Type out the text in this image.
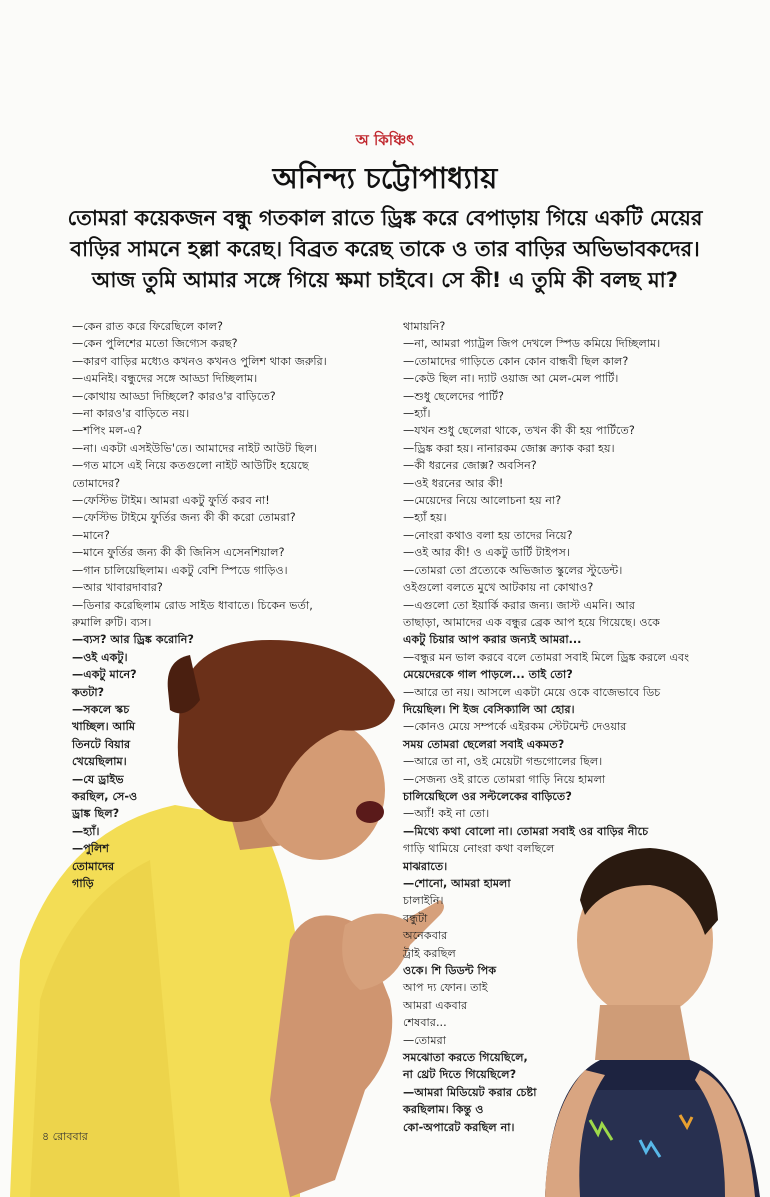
অ কিঞ্চিৎ
অনিন্দ্য চট্টোপাধ্যায়

তোমরা কয়েকজন বন্ধু গতকাল রাতে ড্রিঙ্ক করে বেপাড়ায় গিয়ে একটি মেয়ের

বাড়ির সামনে হল্লা করেছ। বিব্রত করেছ তাকে ও তার বাড়ির অভিভাবকদের।

আজ তুমি আমার সঙ্গে গিয়ে ক্ষমা চাইবে। সে কী! এ তুমি কী বলছ মা?

—কেন রাত করে ফিরেছিলে কাল?

—কেন পুলিশের মতো জিগ্যেস করছ?

—কারণ বাড়ির মধ্যেও কখনও কখনও পুলিশ থাকা জরুরি।

—এমনিই। বন্ধুদের সঙ্গে আড্ডা দিচ্ছিলাম।

—কোথায় আড্ডা দিচ্ছিলে? কারও'র বাড়িতে?

—না কারও'র বাড়িতে নয়।

—শপিং মল-এ?

—না। একটা এসইউভি'তে। আমাদের নাইট আউট ছিল।

—গত মাসে এই নিয়ে কতগুলো নাইট আউটিং হয়েছে

তোমাদের?

—ফেস্টিভ টাইম। আমরা একটু ফুর্তি করব না!

—ফেস্টিভ টাইমে ফুর্তির জন্য কী কী করো তোমরা?

—মানে?

—মানে ফুর্তির জন্য কী কী জিনিস এসেনশিয়াল?

—গান চালিয়েছিলাম। একটু বেশি স্পিডে গাড়িও।

—আর খাবারদাবার?

—ডিনার করেছিলাম রোড সাইড ধাবাতে। চিকেন ভর্তা,

রুমালি রুটি। ব্যস।

—ব্যস? আর ড্রিঙ্ক করোনি?

—ওই একটু।

—একটু মানে?

কতটা?

—সকলে স্কচ

খাচ্ছিল। আমি

তিনটে বিয়ার

খেয়েছিলাম।

—যে ড্রাইভ

করছিল, সে-ও

ড্রাঙ্ক ছিল?

—হ্যাঁ।

—পুলিশ

তোমাদের

গাড়ি

থামায়নি?

—না, আমরা প্যাট্রল জিপ দেখলে স্পিড কমিয়ে দিচ্ছিলাম।

—তোমাদের গাড়িতে কোন কোন বান্ধবী ছিল কাল?

—কেউ ছিল না। দ্যাট ওয়াজ আ মেল-মেল পার্টি।

—শুধু ছেলেদের পার্টি?

—হ্যাঁ।

—যখন শুধু ছেলেরা থাকে, তখন কী কী হয় পার্টিতে?

—ড্রিঙ্ক করা হয়। নানারকম জোক্স ক্র্যাক করা হয়।

—কী ধরনের জোক্স? অবসিন?

—ওই ধরনের আর কী!

—মেয়েদের নিয়ে আলোচনা হয় না?

—হ্যাঁ হয়।

—নোংরা কথাও বলা হয় তাদের নিয়ে?

—ওই আর কী! ও একটু ডার্টি টাইপস।

—তোমরা তো প্রত্যেকে অভিজাত স্কুলের স্টুডেন্ট।

ওইগুলো বলতে মুখে আটকায় না কোথাও?

—এগুলো তো ইয়ার্কি করার জন্য। জাস্ট এমনি। আর

তাছাড়া, আমাদের এক বন্ধুর ব্রেক আপ হয়ে গিয়েছে। ওকে

একটু চিয়ার আপ করার জন্যই আমরা...

—বন্ধুর মন ভাল করবে বলে তোমরা সবাই মিলে ড্রিঙ্ক করলে এবং

মেয়েদেরকে গাল পাড়লে... তাই তো?

—আরে তা নয়। আসলে একটা মেয়ে ওকে বাজেভাবে ডিচ

দিয়েছিল। শি ইজ বেসিক্যালি আ হোর।

—কোনও মেয়ে সম্পর্কে এইরকম স্টেটমেন্ট দেওয়ার

সময় তোমরা ছেলেরা সবাই একমত?

—আরে তা না, ওই মেয়েটা গন্ডগোলের ছিল।

—সেজন্য ওই রাতে তোমরা গাড়ি নিয়ে হামলা

চালিয়েছিলে ওর সল্টলেকের বাড়িতে?

—অ্যাঁ! কই না তো।

—মিথ্যে কথা বোলো না। তোমরা সবাই ওর বাড়ির নীচে

গাড়ি থামিয়ে নোংরা কথা বলছিলে

মাঝরাতে।

—শোনো, আমরা হামলা

চালাইনি।

বন্ধুটা

অনেকবার

ট্রাই করছিল

ওকে। শি ডিডন্ট পিক

আপ দ্য ফোন। তাই

আমরা একবার

শেষবার...

—তোমরা

সমঝোতা করতে গিয়েছিলে,

না থ্রেট দিতে গিয়েছিলে?

—আমরা মিডিয়েট করার চেষ্টা

করছিলাম। কিন্তু ও

কো-অপারেট করছিল না।

৪ রোববার
